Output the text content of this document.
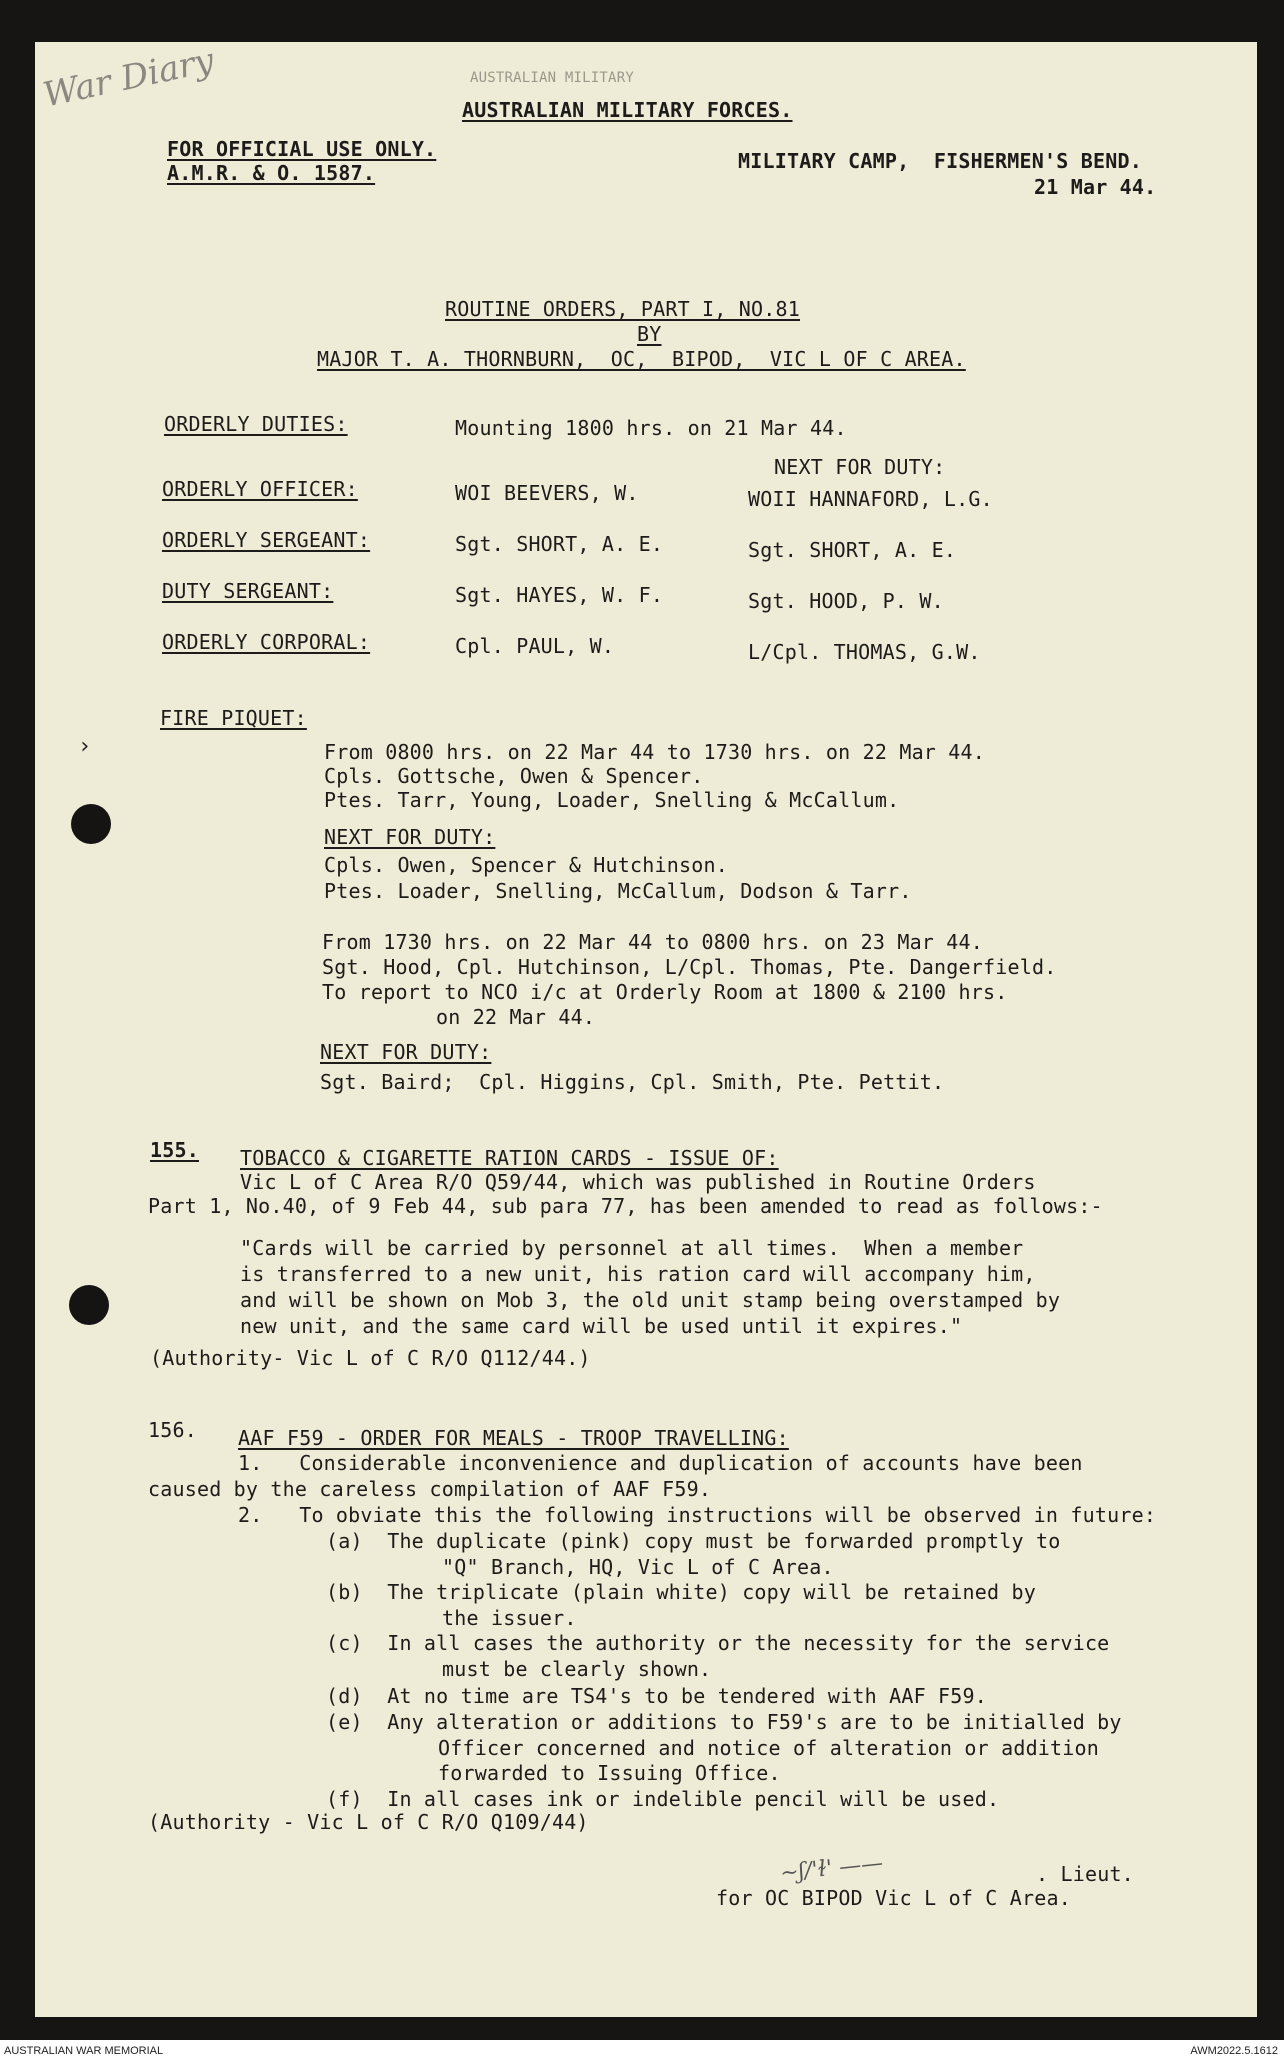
War Diary	AUSTRALIAN MILITARY
›
AUSTRALIAN MILITARY FORCES.
FOR OFFICIAL USE ONLY.
A.M.R. & O. 1587.	MILITARY CAMP,  FISHERMEN'S BEND.
21 Mar 44.
ROUTINE ORDERS, PART I, NO.81
BY
MAJOR T. A. THORNBURN,  OC,  BIPOD,  VIC L OF C AREA.
ORDERLY DUTIES:	Mounting 1800 hrs. on 21 Mar 44.
NEXT FOR DUTY:
ORDERLY OFFICER:	WOI BEEVERS, W.	WOII HANNAFORD, L.G.
ORDERLY SERGEANT:	Sgt. SHORT, A. E.	Sgt. SHORT, A. E.
DUTY SERGEANT:	Sgt. HAYES, W. F.	Sgt. HOOD, P. W.
ORDERLY CORPORAL:	Cpl. PAUL, W.	L/Cpl. THOMAS, G.W.
FIRE PIQUET:
From 0800 hrs. on 22 Mar 44 to 1730 hrs. on 22 Mar 44.
Cpls. Gottsche, Owen & Spencer.
Ptes. Tarr, Young, Loader, Snelling & McCallum.
NEXT FOR DUTY:
Cpls. Owen, Spencer & Hutchinson.
Ptes. Loader, Snelling, McCallum, Dodson & Tarr.
From 1730 hrs. on 22 Mar 44 to 0800 hrs. on 23 Mar 44.
Sgt. Hood, Cpl. Hutchinson, L/Cpl. Thomas, Pte. Dangerfield.
To report to NCO i/c at Orderly Room at 1800 & 2100 hrs.
on 22 Mar 44.
NEXT FOR DUTY:
Sgt. Baird;  Cpl. Higgins, Cpl. Smith, Pte. Pettit.
155. TOBACCO & CIGARETTE RATION CARDS - ISSUE OF:
Vic L of C Area R/O Q59/44, which was published in Routine Orders
Part 1, No.40, of 9 Feb 44, sub para 77, has been amended to read as follows:-
"Cards will be carried by personnel at all times.  When a member
is transferred to a new unit, his ration card will accompany him,
and will be shown on Mob 3, the old unit stamp being overstamped by
new unit, and the same card will be used until it expires."
(Authority- Vic L of C R/O Q112/44.)
156. AAF F59 - ORDER FOR MEALS - TROOP TRAVELLING:
1.   Considerable inconvenience and duplication of accounts have been
caused by the careless compilation of AAF F59.
2.   To obviate this the following instructions will be observed in future:
(a)  The duplicate (pink) copy must be forwarded promptly to
"Q" Branch, HQ, Vic L of C Area.
(b)  The triplicate (plain white) copy will be retained by
the issuer.
(c)  In all cases the authority or the necessity for the service
must be clearly shown.
(d)  At no time are TS4's to be tendered with AAF F59.
(e)  Any alteration or additions to F59's are to be initialled by
Officer concerned and notice of alteration or addition
forwarded to Issuing Office.
(f)  In all cases ink or indelible pencil will be used.
(Authority - Vic L of C R/O Q109/44)
~ʃ/'ɫ' ——	. Lieut.
for OC BIPOD Vic L of C Area.
AUSTRALIAN WAR MEMORIAL	AWM2022.5.1612
